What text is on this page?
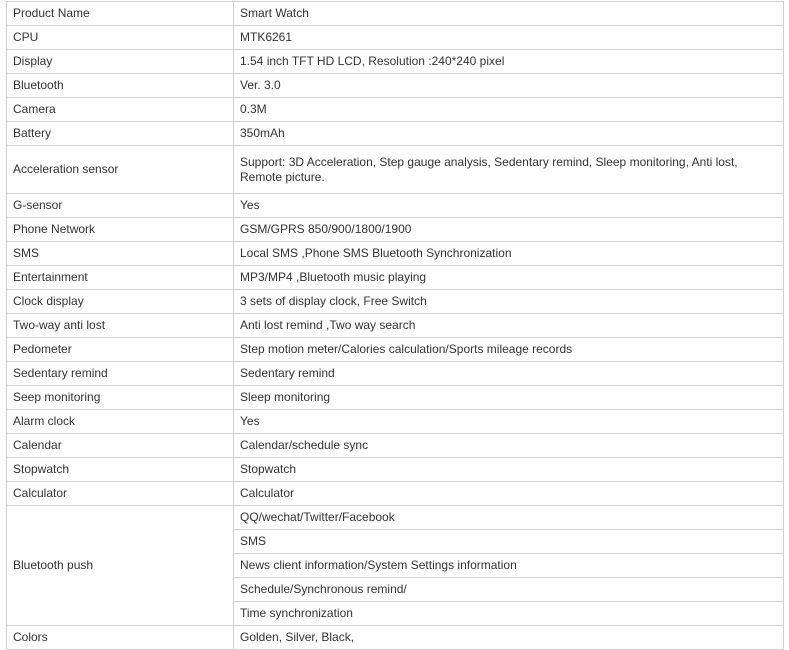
Product Name	Smart Watch
CPU	MTK6261
Display	1.54 inch TFT HD LCD, Resolution :240*240 pixel
Bluetooth	Ver. 3.0
Camera	0.3M
Battery	350mAh
Acceleration sensor	Support: 3D Acceleration, Step gauge analysis, Sedentary remind, Sleep monitoring, Anti lost, Remote picture.
G-sensor	Yes
Phone Network	GSM/GPRS 850/900/1800/1900
SMS	Local SMS ,Phone SMS Bluetooth Synchronization
Entertainment	MP3/MP4 ,Bluetooth music playing
Clock display	3 sets of display clock, Free Switch
Two-way anti lost	Anti lost remind ,Two way search
Pedometer	Step motion meter/Calories calculation/Sports mileage records
Sedentary remind	Sedentary remind
Seep monitoring	Sleep monitoring
Alarm clock	Yes
Calendar	Calendar/schedule sync
Stopwatch	Stopwatch
Calculator	Calculator
Bluetooth push	QQ/wechat/Twitter/Facebook
	SMS
	News client information/System Settings information
	Schedule/Synchronous remind/
	Time synchronization
Colors	Golden, Silver, Black,
